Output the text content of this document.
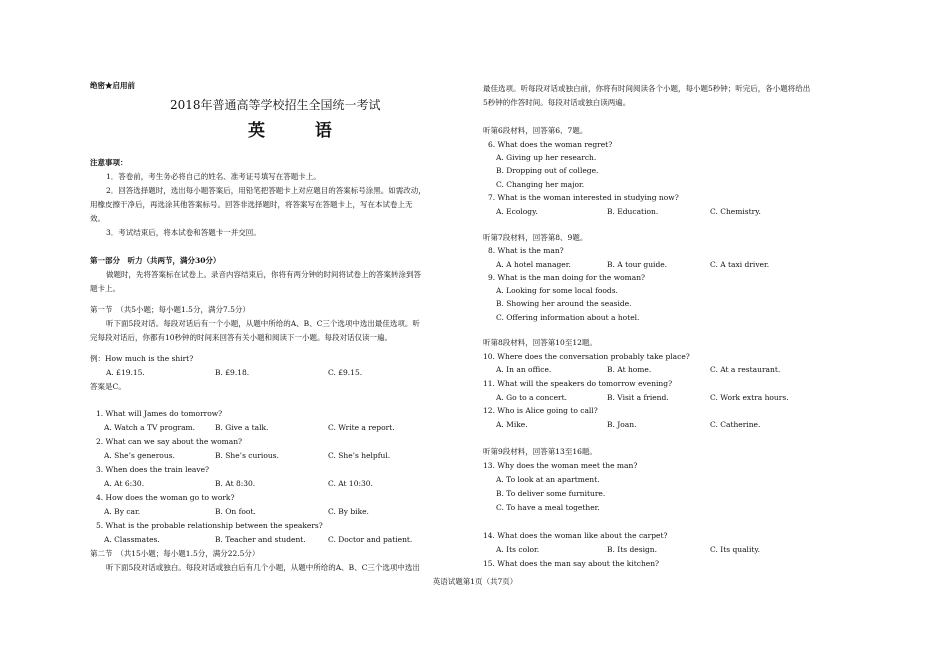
绝密★启用前
2018年普通高等学校招生全国统一考试
英 语
注意事项：
1．答卷前，考生务必将自己的姓名、准考证号填写在答题卡上。
2．回答选择题时，选出每小题答案后，用铅笔把答题卡上对应题目的答案标号涂黑。如需改动，
用橡皮擦干净后，再选涂其他答案标号。回答非选择题时，将答案写在答题卡上，写在本试卷上无
效。
3．考试结束后，将本试卷和答题卡一并交回。
第一部分　听力（共两节，满分30分）
做题时，先将答案标在试卷上。录音内容结束后，你将有两分钟的时间将试卷上的答案转涂到答
题卡上。
第一节　（共5小题；每小题1.5分，满分7.5分）
听下面5段对话。每段对话后有一个小题，从题中所给的A、B、C三个选项中选出最佳选项。听
完每段对话后，你都有10秒钟的时间来回答有关小题和阅读下一小题。每段对话仅读一遍。
例：How much is the shirt?
A. £19.15.	B. £9.18.	C. £9.15.
答案是C。
1. What will James do tomorrow?
A. Watch a TV program.	B. Give a talk.	C. Write a report.
2. What can we say about the woman?
A. She’s generous.	B. She’s curious.	C. She’s helpful.
3. When does the train leave?
A. At 6:30.	B. At 8:30.	C. At 10:30.
4. How does the woman go to work?
A. By car.	B. On foot.	C. By bike.
5. What is the probable relationship between the speakers?
A. Classmates.	B. Teacher and student.	C. Doctor and patient.
第二节　（共15小题；每小题1.5分，满分22.5分）
听下面5段对话或独白。每段对话或独白后有几个小题，从题中所给的A、B、C三个选项中选出
最佳选项。听每段对话或独白前，你将有时间阅读各个小题，每小题5秒钟；听完后，各小题将给出
5秒钟的作答时间。每段对话或独白读两遍。
听第6段材料，回答第6、7题。
6. What does the woman regret?
A. Giving up her research.
B. Dropping out of college.
C. Changing her major.
7. What is the woman interested in studying now?
A. Ecology.	B. Education.	C. Chemistry.
听第7段材料，回答第8、9题。
8. What is the man?
A. A hotel manager.	B. A tour guide.	C. A taxi driver.
9. What is the man doing for the woman?
A. Looking for some local foods.
B. Showing her around the seaside.
C. Offering information about a hotel.
听第8段材料，回答第10至12题。
10. Where does the conversation probably take place?
A. In an office.	B. At home.	C. At a restaurant.
11. What will the speakers do tomorrow evening?
A. Go to a concert.	B. Visit a friend.	C. Work extra hours.
12. Who is Alice going to call?
A. Mike.	B. Joan.	C. Catherine.
听第9段材料，回答第13至16题。
13. Why does the woman meet the man?
A. To look at an apartment.
B. To deliver some furniture.
C. To have a meal together.
14. What does the woman like about the carpet?
A. Its color.	B. Its design.	C. Its quality.
15. What does the man say about the kitchen?
英语试题第1页（共7页）
